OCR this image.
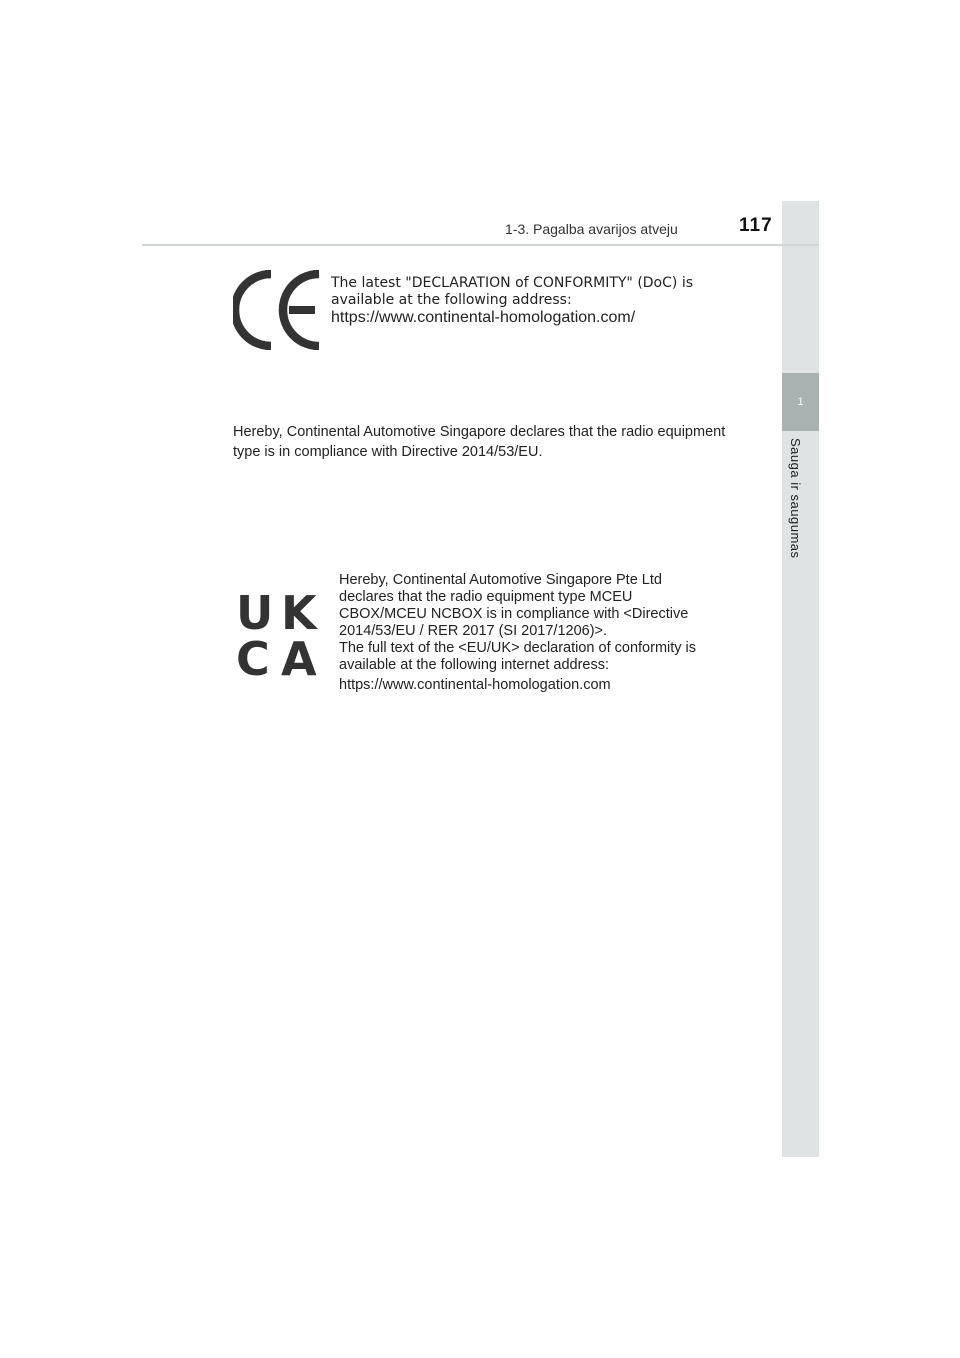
1
Sauga ir saugumas
1-3. Pagalba avarijos atveju	117
The latest "DECLARATION of CONFORMITY" (DoC) is
available at the following address:
https://www.continental-homologation.com/
Hereby, Continental Automotive Singapore declares that the radio equipment
type is in compliance with Directive 2014/53/EU.
U K
C A
Hereby, Continental Automotive Singapore Pte Ltd
declares that the radio equipment type MCEU
CBOX/MCEU NCBOX is in compliance with <Directive
2014/53/EU / RER 2017 (SI 2017/1206)>.
The full text of the <EU/UK> declaration of conformity is
available at the following internet address:
https://www.continental-homologation.com
